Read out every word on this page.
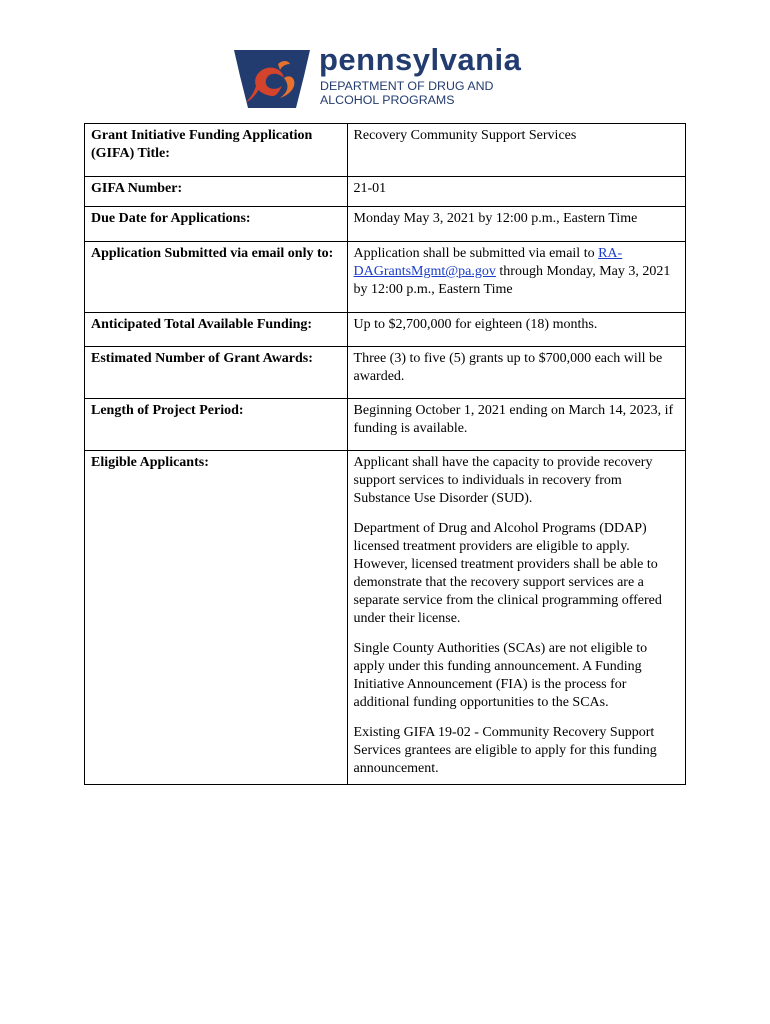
pennsylvania
DEPARTMENT OF DRUG AND
ALCOHOL PROGRAMS
Grant Initiative Funding Application (GIFA) Title:	Recovery Community Support Services
GIFA Number:	21-01
Due Date for Applications:	Monday May 3, 2021 by 12:00 p.m., Eastern Time
Application Submitted via email only to:	Application shall be submitted via email to RA-DAGrantsMgmt@pa.gov through Monday, May 3, 2021 by 12:00 p.m., Eastern Time
Anticipated Total Available Funding:	Up to $2,700,000 for eighteen (18) months.
Estimated Number of Grant Awards:	Three (3) to five (5) grants up to $700,000 each will be awarded.
Length of Project Period:	Beginning October 1, 2021 ending on March 14, 2023, if funding is available.
Eligible Applicants:	Applicant shall have the capacity to provide recovery support services to individuals in recovery from Substance Use Disorder (SUD).

Department of Drug and Alcohol Programs (DDAP) licensed treatment providers are eligible to apply. However, licensed treatment providers shall be able to demonstrate that the recovery support services are a separate service from the clinical programming offered under their license.

Single County Authorities (SCAs) are not eligible to apply under this funding announcement. A Funding Initiative Announcement (FIA) is the process for additional funding opportunities to the SCAs.

Existing GIFA 19-02 - Community Recovery Support Services grantees are eligible to apply for this funding announcement.
